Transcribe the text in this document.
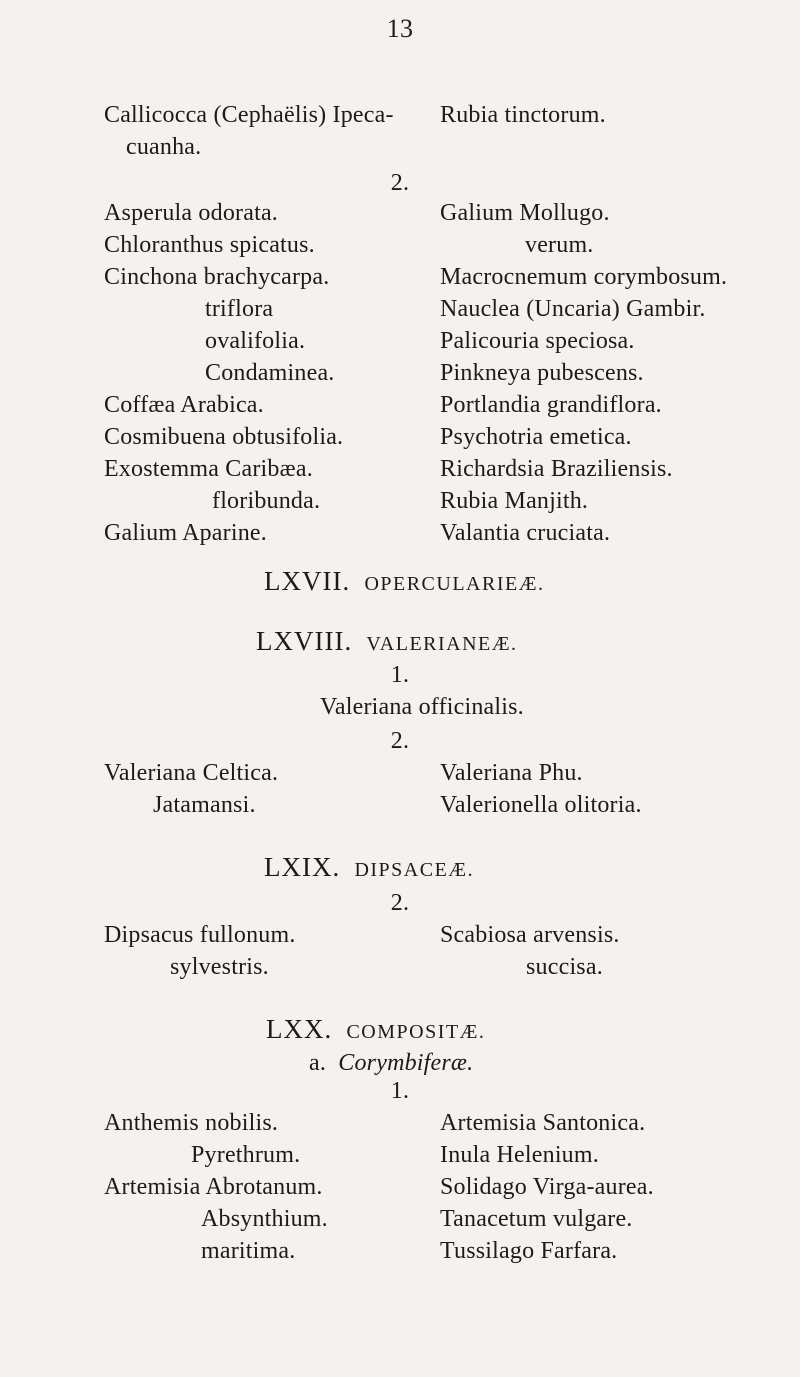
13
Callicocca (Cephaëlis) Ipeca-
cuanha.
Rubia tinctorum.
2.
Asperula odorata.
Chloranthus spicatus.
Cinchona brachycarpa.
triflora
ovalifolia.
Condaminea.
Coffæa Arabica.
Cosmibuena obtusifolia.
Exostemma Caribæa.
floribunda.
Galium Aparine.
Galium Mollugo.
verum.
Macrocnemum corymbosum.
Nauclea (Uncaria) Gambir.
Palicouria speciosa.
Pinkneya pubescens.
Portlandia grandiflora.
Psychotria emetica.
Richardsia Braziliensis.
Rubia Manjith.
Valantia cruciata.
LXVII. OPERCULARIEÆ.
LXVIII. VALERIANEÆ.
1.
Valeriana officinalis.
2.
Valeriana Celtica.
Jatamansi.
Valeriana Phu.
Valerionella olitoria.
LXIX. DIPSACEÆ.
2.
Dipsacus fullonum.
sylvestris.
Scabiosa arvensis.
succisa.
LXX. COMPOSITÆ.
a. Corymbiferæ.
1.
Anthemis nobilis.
Pyrethrum.
Artemisia Abrotanum.
Absynthium.
maritima.
Artemisia Santonica.
Inula Helenium.
Solidago Virga-aurea.
Tanacetum vulgare.
Tussilago Farfara.
